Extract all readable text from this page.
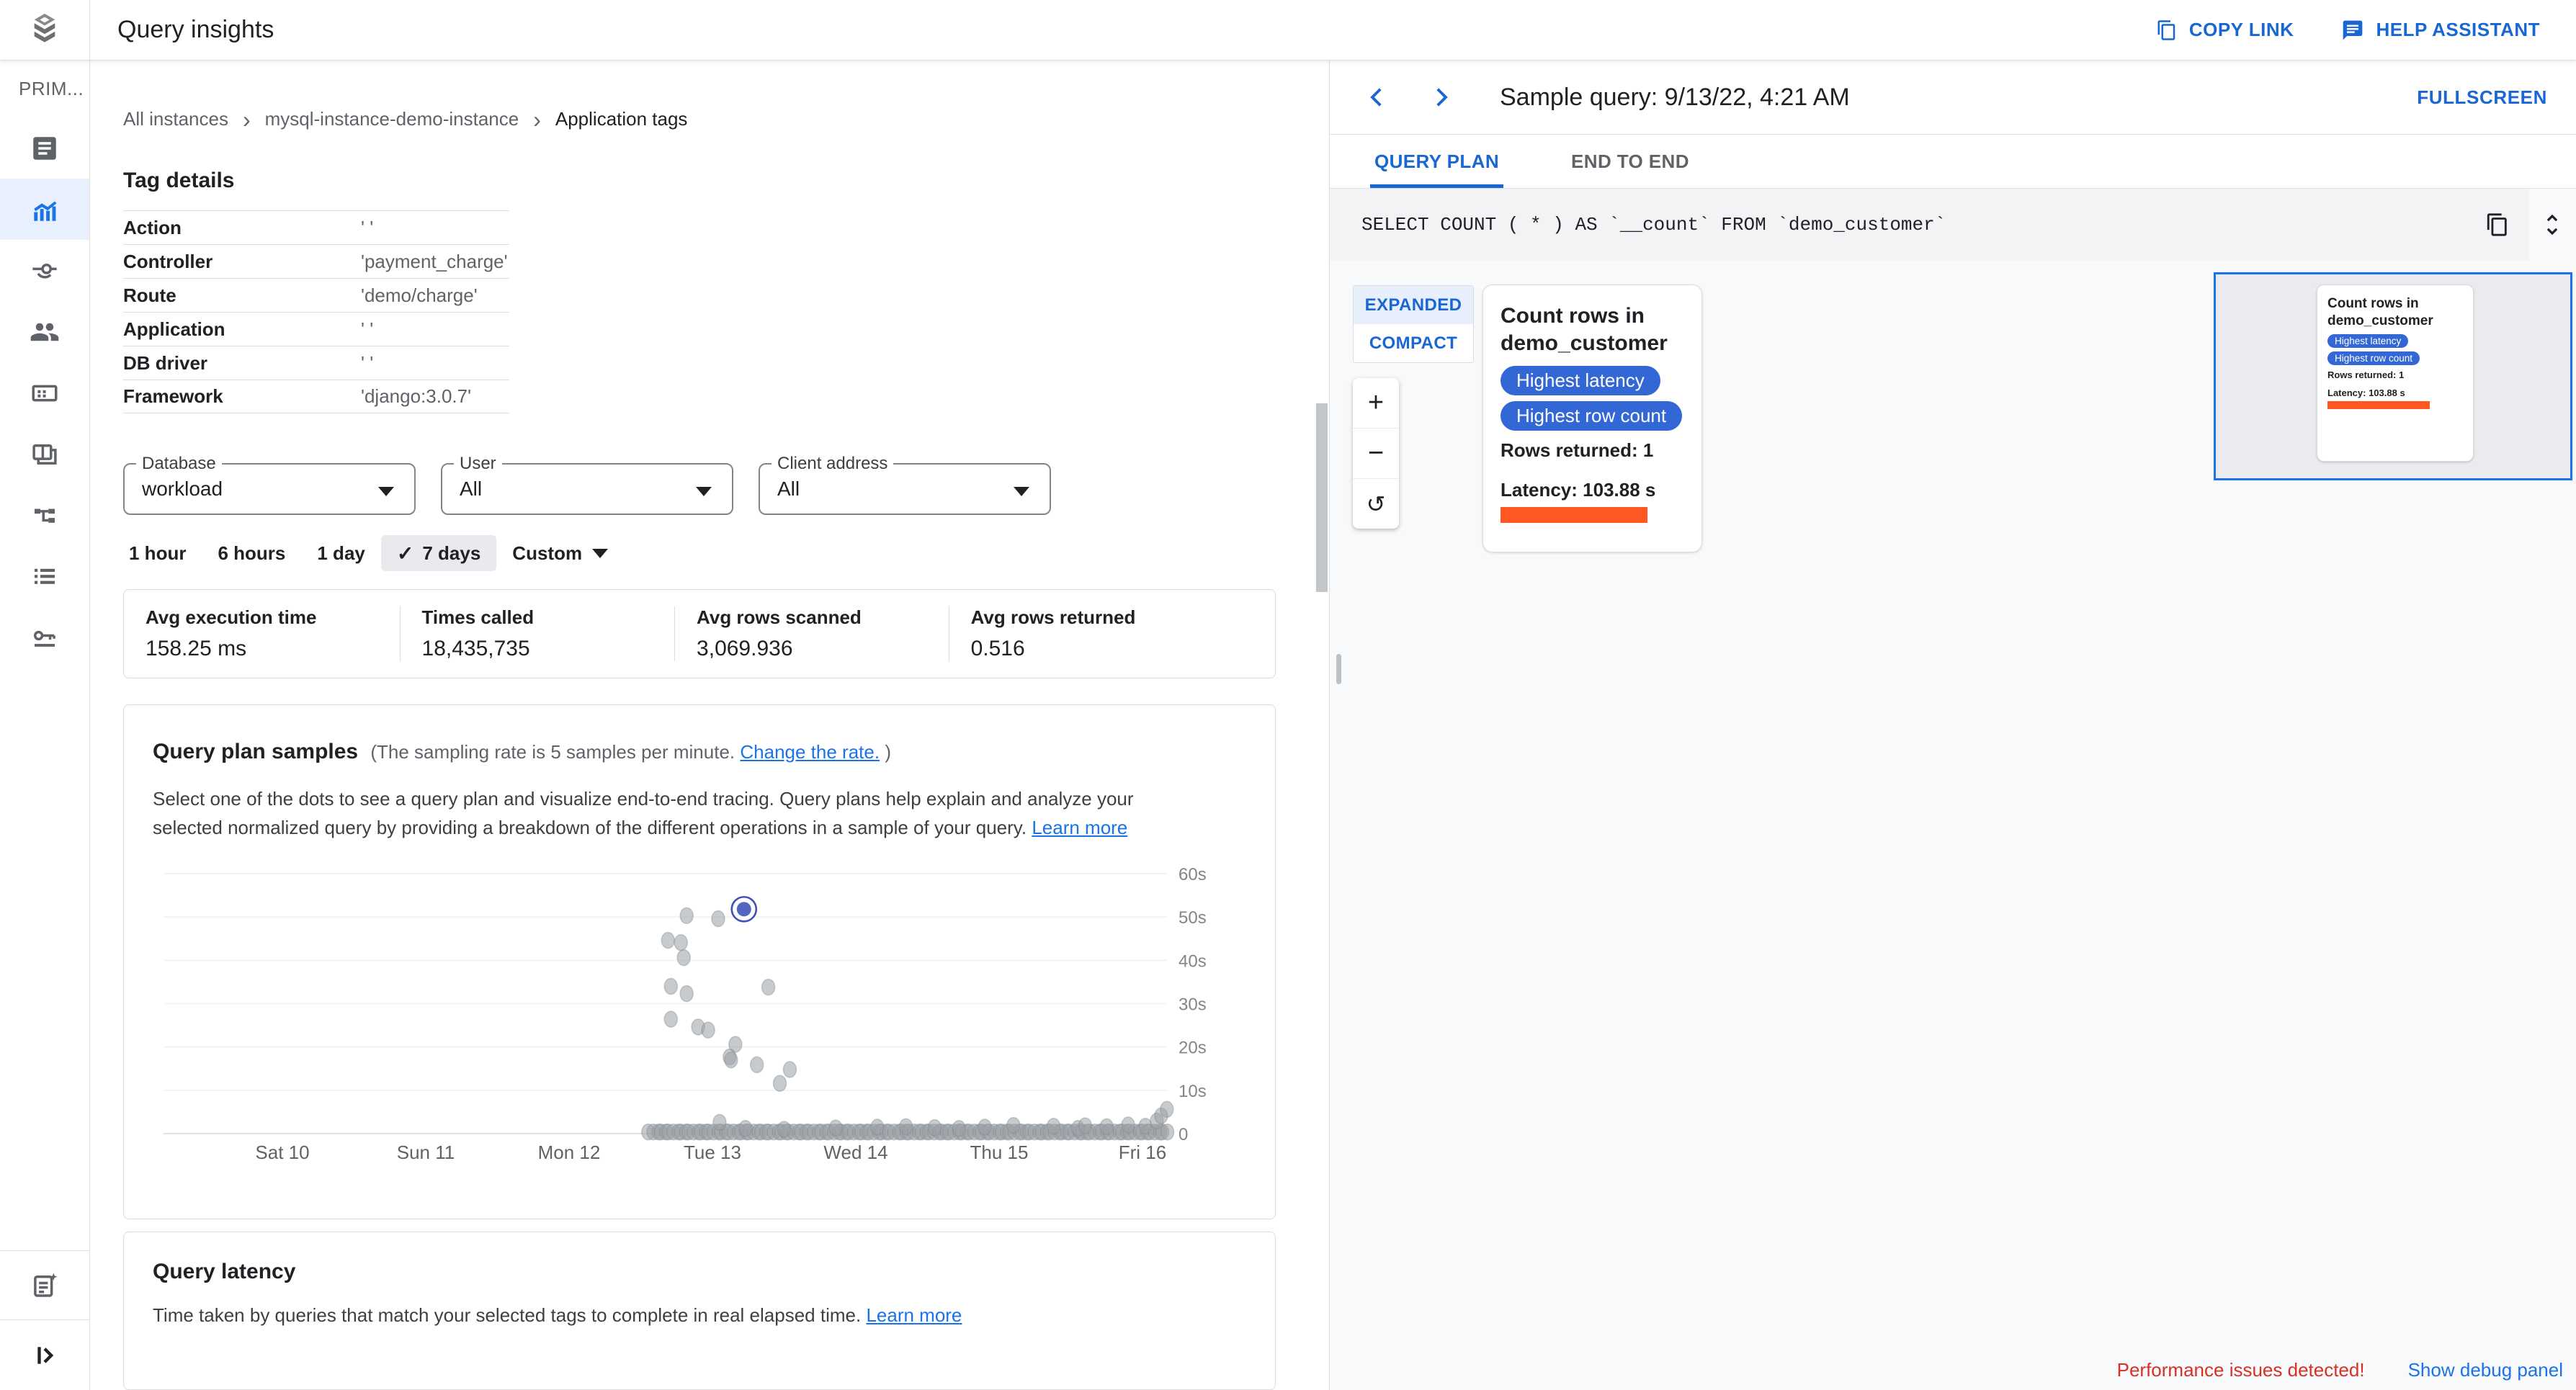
Query insights	COPY LINK	HELP ASSISTANT
PRIM...
All instances › mysql-instance-demo-instance › Application tags
Tag details
Action	' '
Controller	'payment_charge'
Route	'demo/charge'
Application	' '
DB driver	' '
Framework	'django:3.0.7'
Database
workload
User
All
Client address
All
1 hour 6 hours 1 day ✓ 7 days Custom
Avg execution time
158.25 ms
Times called
18,435,735
Avg rows scanned
3,069.936
Avg rows returned
0.516
Query plan samples (The sampling rate is 5 samples per minute. Change the rate. )
Select one of the dots to see a query plan and visualize end-to-end tracing. Query plans help explain and analyze your selected normalized query by providing a breakdown of the different operations in a sample of your query. Learn more
60s
50s
40s
30s
20s
10s
0
Sat 10	Sun 11	Mon 12	Tue 13	Wed 14	Thu 15	Fri 16
Query latency
Time taken by queries that match your selected tags to complete in real elapsed time. Learn more
Sample query: 9/13/22, 4:21 AM	FULLSCREEN
QUERY PLAN	END TO END
SELECT COUNT ( * ) AS `__count` FROM `demo_customer`
EXPANDED
COMPACT
+
−
↺
Count rows in demo_customer
Highest latency
Highest row count
Rows returned: 1
Latency: 103.88 s
Count rows in demo_customer
Highest latency
Highest row count
Rows returned: 1
Latency: 103.88 s
Performance issues detected! Show debug panel
